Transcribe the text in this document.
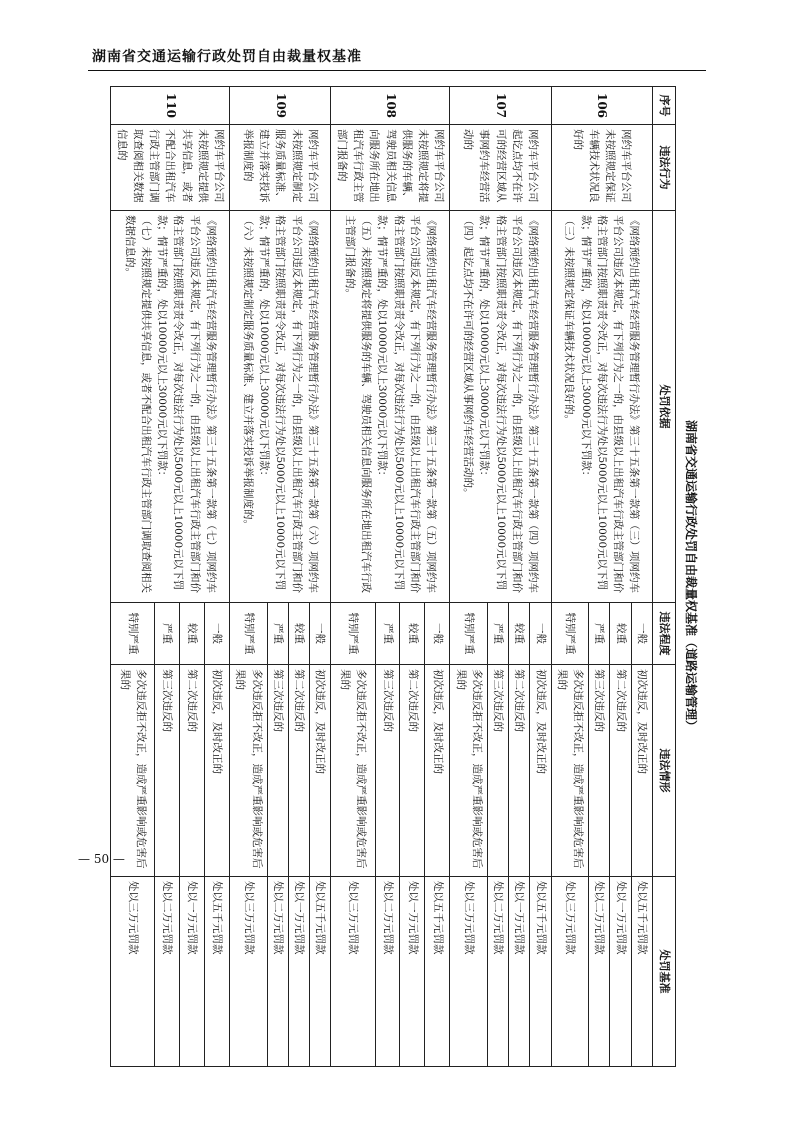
湖南省交通运输行政处罚自由裁量权基准
湖南省交通运输行政处罚自由裁量权基准（道路运输管理）
序号	违法行为	处罚依据	违法程度	违法情形	处罚基准
106	网约车平台公司未按照规定保证车辆技术状况良好的	《网络预约出租汽车经营服务管理暂行办法》第三十五条第一款第（三）项网约车平台公司违反本规定，有下列行为之一的，由县级以上出租汽车行政主管部门和价格主管部门按照职责责令改正，对每次违法行为处以5000元以上10000元以下罚款；情节严重的，处以10000元以上30000元以下罚款：
（三）未按照规定保证车辆技术状况良好的。	一般	初次违反，及时改正的	处以五千元罚款
			较重	第二次违反的	处以一万元罚款
			严重	第三次违反的	处以二万元罚款
			特别严重	多次违反拒不改正，造成严重影响或危害后果的	处以三万元罚款
107	网约车平台公司起讫点均不在许可的经营区域从事网约车经营活动的	《网络预约出租汽车经营服务管理暂行办法》第三十五条第一款第（四）项网约车平台公司违反本规定，有下列行为之一的，由县级以上出租汽车行政主管部门和价格主管部门按照职责责令改正，对每次违法行为处以5000元以上10000元以下罚款；情节严重的，处以10000元以上30000元以下罚款：
（四）起讫点均不在许可的经营区域从事网约车经营活动的。	一般	初次违反，及时改正的	处以五千元罚款
			较重	第二次违反的	处以一万元罚款
			严重	第三次违反的	处以二万元罚款
			特别严重	多次违反拒不改正，造成严重影响或危害后果的	处以三万元罚款
108	网约车平台公司未按照规定将提供服务的车辆、驾驶员相关信息向服务所在地出租汽车行政主管部门报备的	《网络预约出租汽车经营服务管理暂行办法》第三十五条第一款第（五）项网约车平台公司违反本规定，有下列行为之一的，由县级以上出租汽车行政主管部门和价格主管部门按照职责责令改正，对每次违法行为处以5000元以上10000元以下罚款；情节严重的，处以10000元以上30000元以下罚款：
（五）未按照规定将提供服务的车辆、驾驶员相关信息向服务所在地出租汽车行政主管部门报备的。	一般	初次违反，及时改正的	处以五千元罚款
			较重	第二次违反的	处以一万元罚款
			严重	第三次违反的	处以二万元罚款
			特别严重	多次违反拒不改正，造成严重影响或危害后果的	处以三万元罚款
109	网约车平台公司未按照规定制定服务质量标准、建立并落实投诉举报制度的	《网络预约出租汽车经营服务管理暂行办法》第三十五条第一款第（六）项网约车平台公司违反本规定，有下列行为之一的，由县级以上出租汽车行政主管部门和价格主管部门按照职责责令改正，对每次违法行为处以5000元以上10000元以下罚款；情节严重的，处以10000元以上30000元以下罚款：
（六）未按照规定制定服务质量标准、建立并落实投诉举报制度的。	一般	初次违反，及时改正的	处以五千元罚款
			较重	第二次违反的	处以一万元罚款
			严重	第三次违反的	处以二万元罚款
			特别严重	多次违反拒不改正，造成严重影响或危害后果的	处以三万元罚款
110	网约车平台公司未按照规定提供共享信息，或者不配合出租汽车行政主管部门调取查阅相关数据信息的	《网络预约出租汽车经营服务管理暂行办法》第三十五条第一款第（七）项网约车平台公司违反本规定，有下列行为之一的，由县级以上出租汽车行政主管部门和价格主管部门按照职责责令改正，对每次违法行为处以5000元以上10000元以下罚款；情节严重的，处以10000元以上30000元以下罚款：
（七）未按照规定提供共享信息，或者不配合出租汽车行政主管部门调取查阅相关数据信息的。	一般	初次违反，及时改正的	处以五千元罚款
			较重	第二次违反的	处以一万元罚款
			严重	第三次违反的	处以二万元罚款
			特别严重	多次违反拒不改正，造成严重影响或危害后果的	处以三万元罚款
— 50 —
